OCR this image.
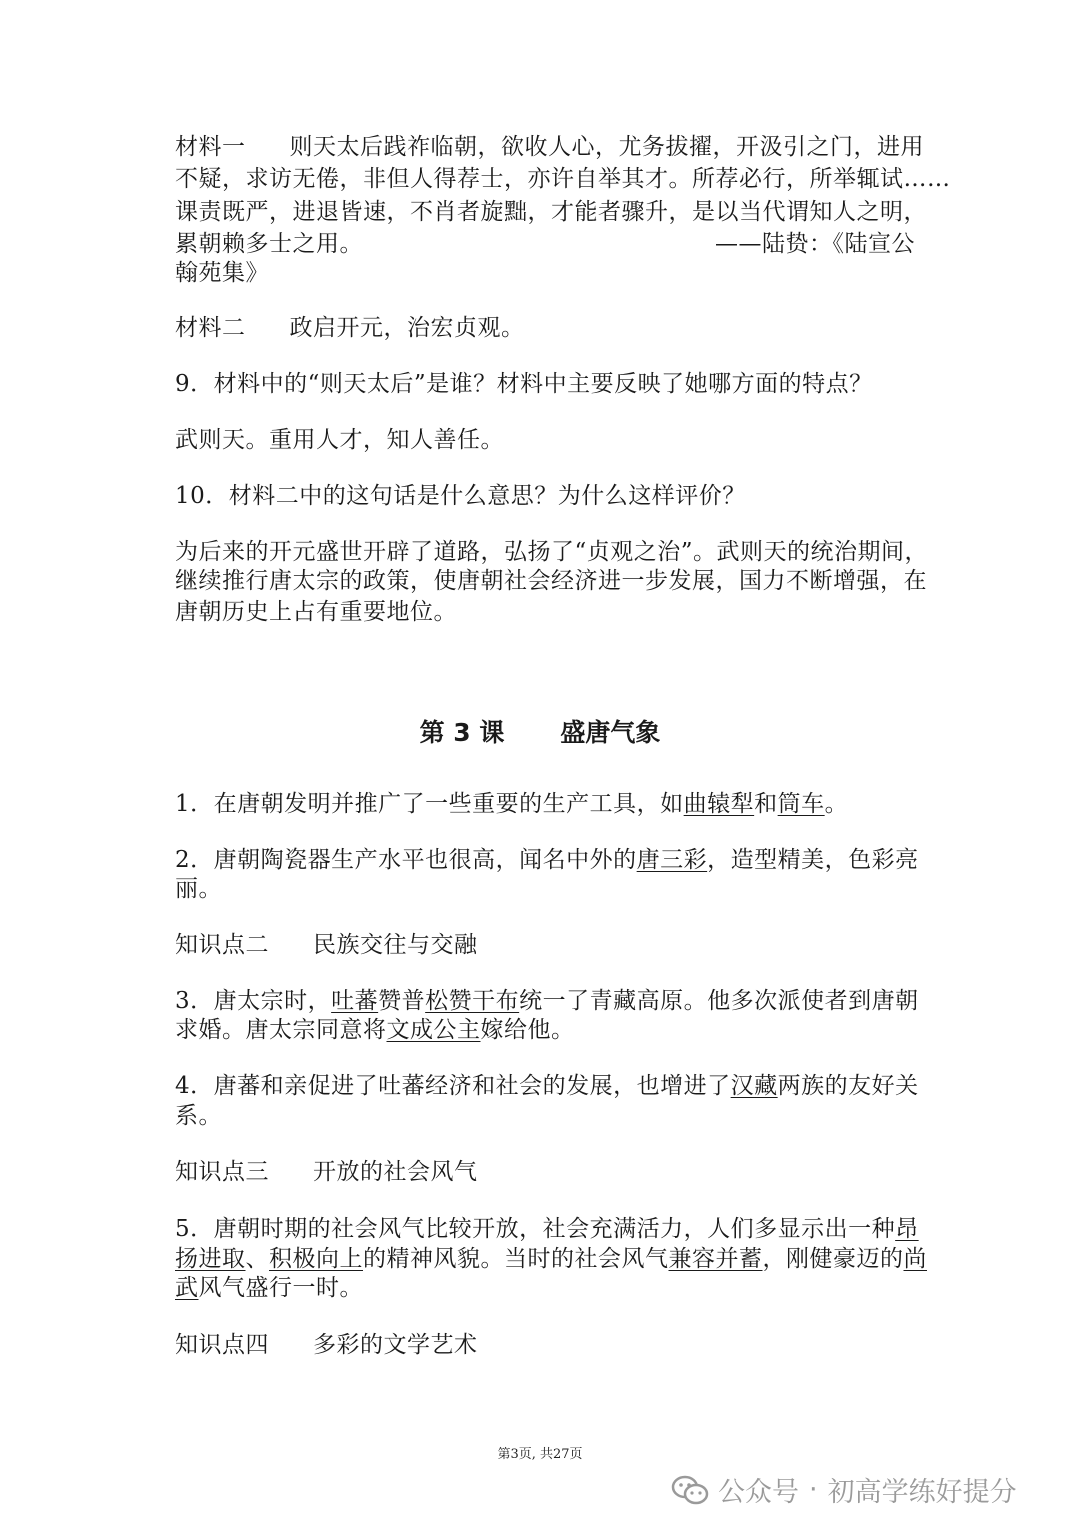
材料一 则天太后践祚临朝，欲收人心，尤务拔擢，开汲引之门，进用
不疑，求访无倦，非但人得荐士，亦许自举其才。所荐必行，所举辄试……
课责既严，进退皆速，不肖者旋黜，才能者骤升，是以当代谓知人之明，
累朝赖多士之用。	——陆贽：《陆宣公
翰苑集》
材料二 政启开元，治宏贞观。
9．材料中的“则天太后”是谁？材料中主要反映了她哪方面的特点？
武则天。重用人才，知人善任。
10．材料二中的这句话是什么意思？为什么这样评价？
为后来的开元盛世开辟了道路，弘扬了“贞观之治”。武则天的统治期间，
继续推行唐太宗的政策，使唐朝社会经济进一步发展，国力不断增强，在
唐朝历史上占有重要地位。
第 3 课 盛唐气象
1．在唐朝发明并推广了一些重要的生产工具，如曲辕犁和筒车。
2．唐朝陶瓷器生产水平也很高，闻名中外的唐三彩，造型精美，色彩亮
丽。
知识点二 民族交往与交融
3．唐太宗时，吐蕃赞普松赞干布统一了青藏高原。他多次派使者到唐朝
求婚。唐太宗同意将文成公主嫁给他。
4．唐蕃和亲促进了吐蕃经济和社会的发展，也增进了汉藏两族的友好关
系。
知识点三 开放的社会风气
5．唐朝时期的社会风气比较开放，社会充满活力，人们多显示出一种昂
扬进取、积极向上的精神风貌。当时的社会风气兼容并蓄，刚健豪迈的尚
武风气盛行一时。
知识点四 多彩的文学艺术
第3页, 共27页
公众号 · 初高学练好提分
